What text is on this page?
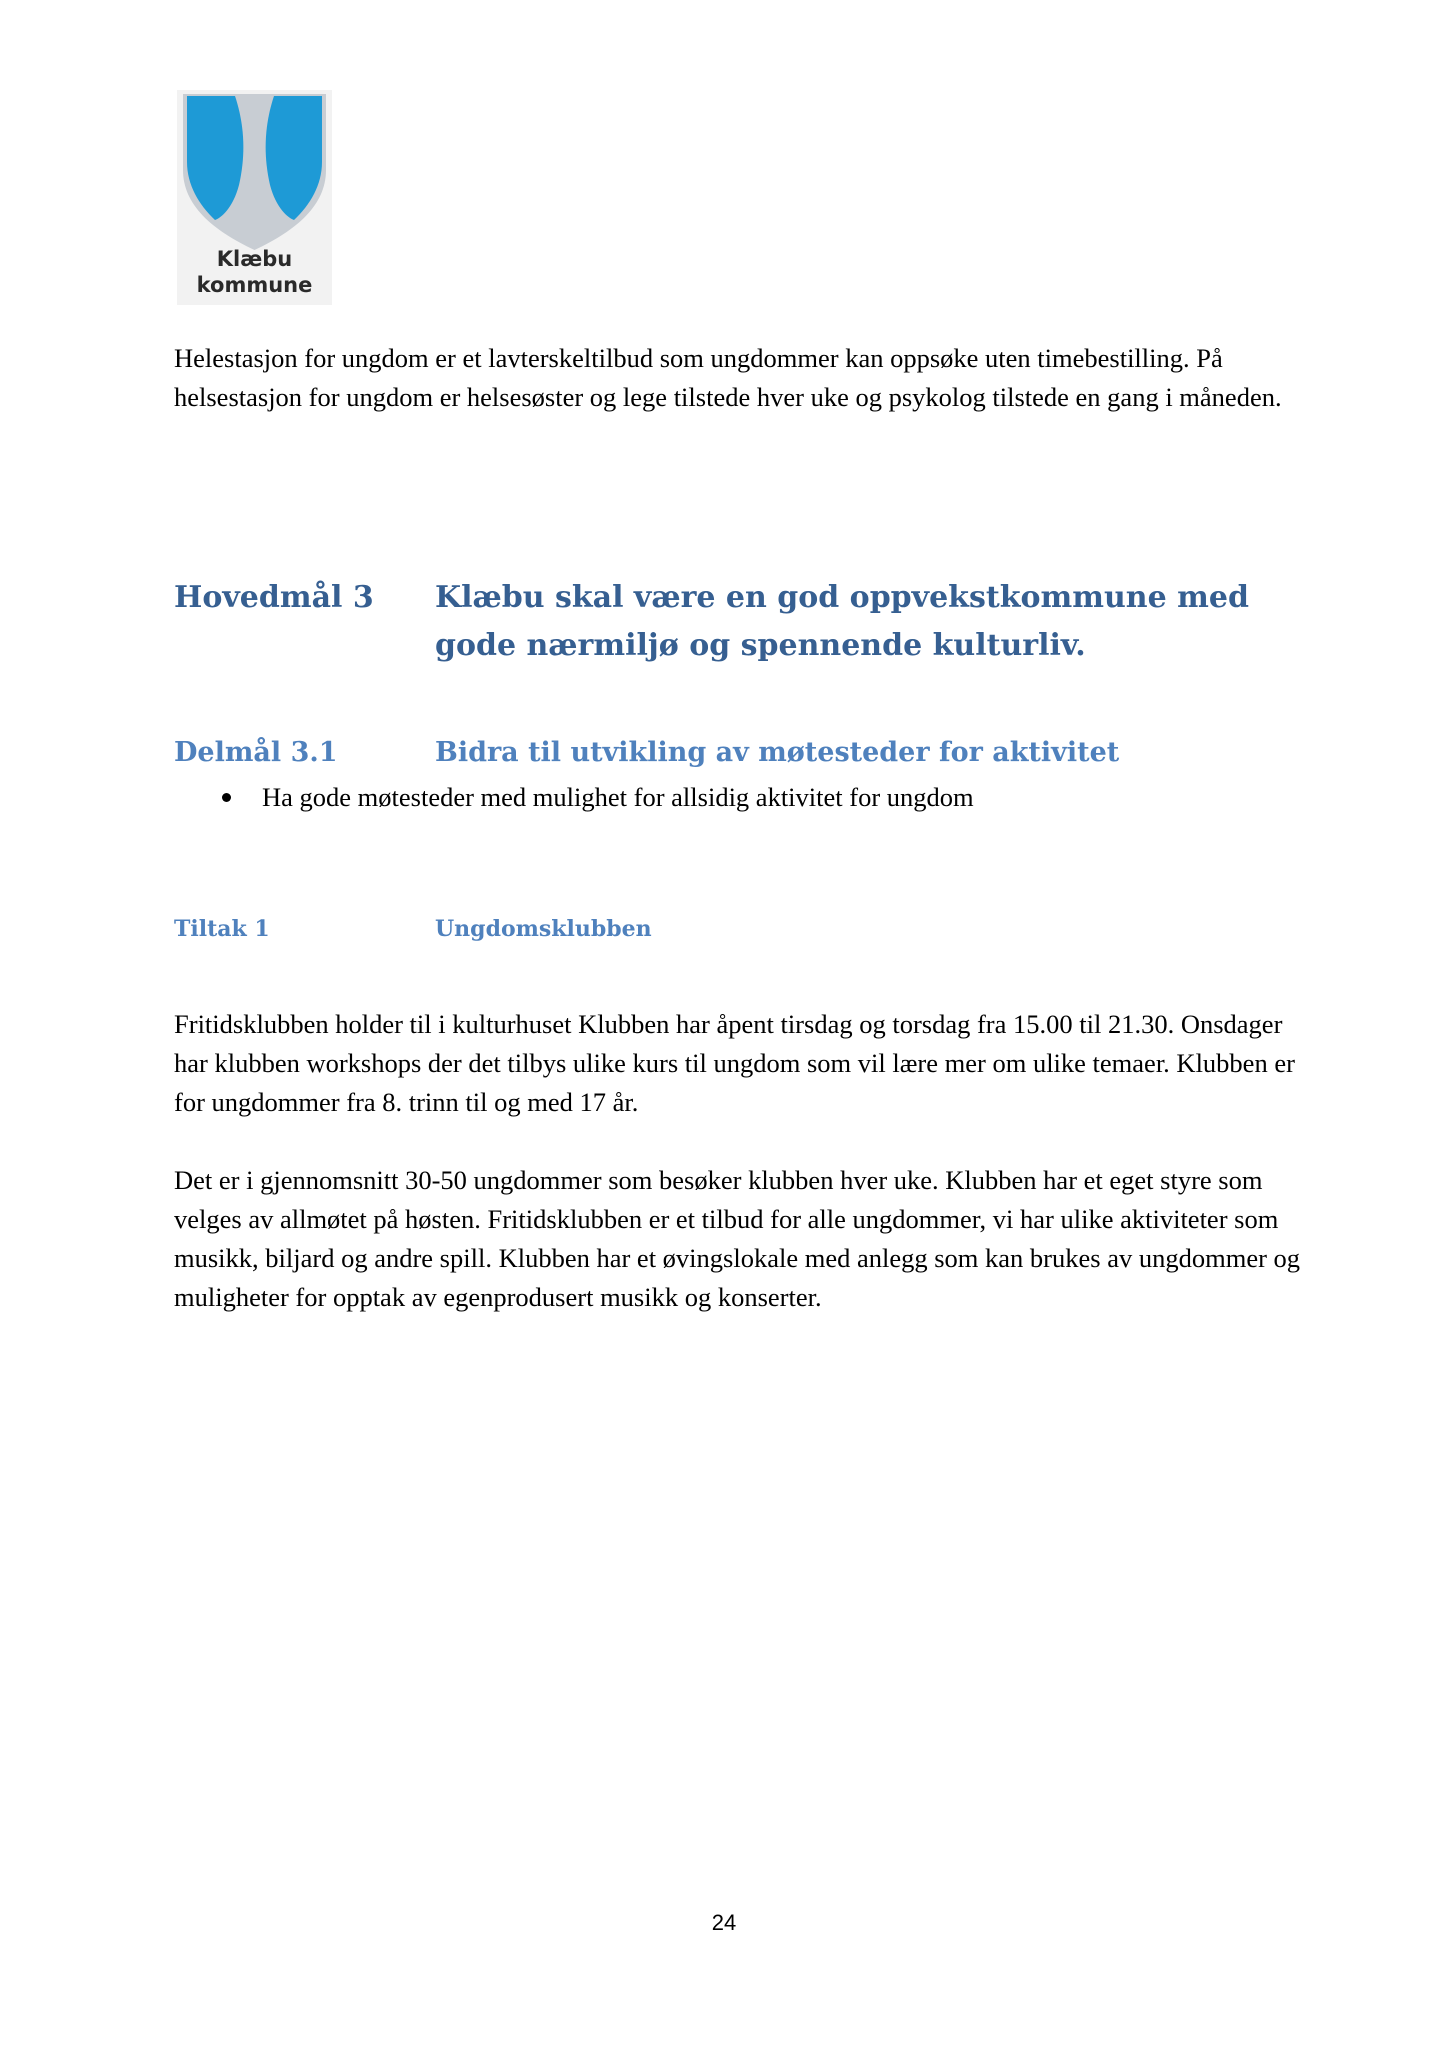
Klæbu
kommune

Helestasjon for ungdom er et lavterskeltilbud som ungdommer kan oppsøke uten timebestilling. På helsestasjon for ungdom er helsesøster og lege tilstede hver uke og psykolog tilstede en gang i måneden.

Hovedmål 3 Klæbu skal være en god oppvekstkommune med gode nærmiljø og spennende kulturliv.
Delmål 3.1	Bidra til utvikling av møtesteder for aktivitet
Ha gode møtesteder med mulighet for allsidig aktivitet for ungdom
Tiltak 1	Ungdomsklubben

Fritidsklubben holder til i kulturhuset Klubben har åpent tirsdag og torsdag fra 15.00 til 21.30. Onsdager har klubben workshops der det tilbys ulike kurs til ungdom som vil lære mer om ulike temaer. Klubben er for ungdommer fra 8. trinn til og med 17 år.

Det er i gjennomsnitt 30-50 ungdommer som besøker klubben hver uke. Klubben har et eget styre som velges av allmøtet på høsten. Fritidsklubben er et tilbud for alle ungdommer, vi har ulike aktiviteter som musikk, biljard og andre spill. Klubben har et øvingslokale med anlegg som kan brukes av ungdommer og muligheter for opptak av egenprodusert musikk og konserter.

24
